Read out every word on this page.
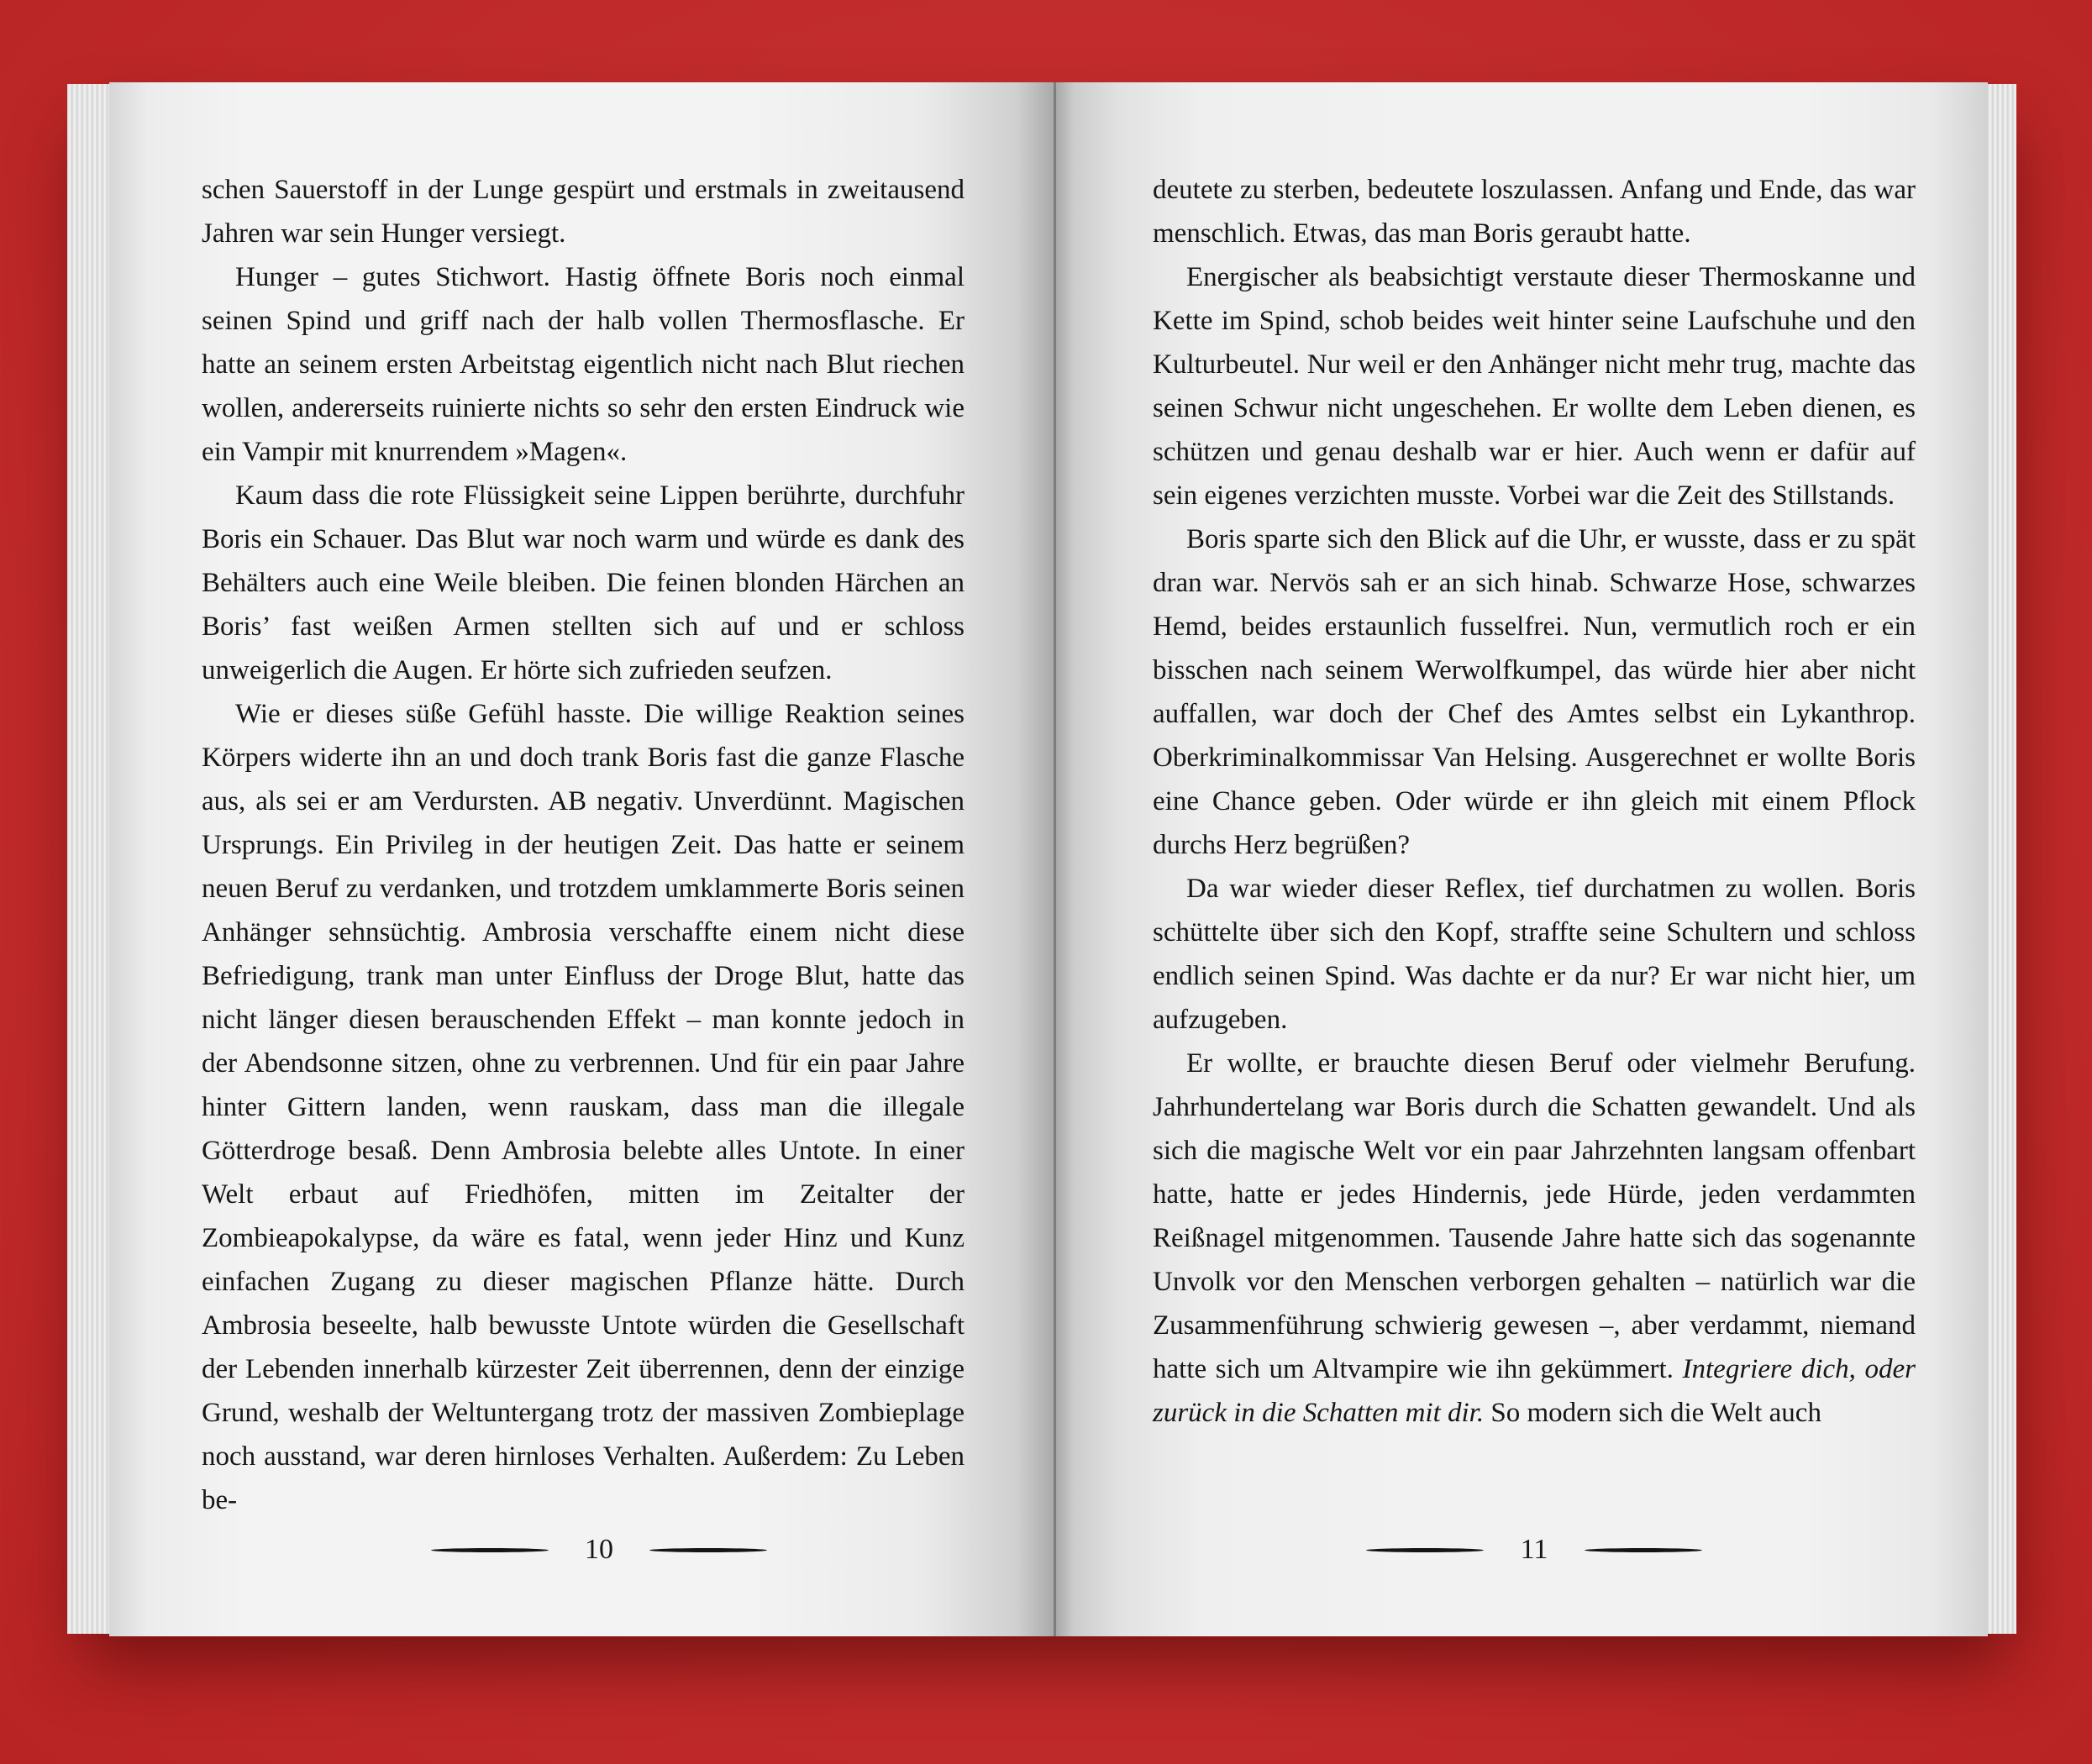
schen Sauerstoff in der Lunge gespürt und erstmals in zweitausend Jahren war sein Hunger versiegt.

Hunger – gutes Stichwort. Hastig öffnete Boris noch einmal seinen Spind und griff nach der halb vollen Thermosflasche. Er hatte an seinem ersten Arbeitstag eigentlich nicht nach Blut riechen wollen, andererseits ruinierte nichts so sehr den ersten Eindruck wie ein Vampir mit knurrendem »Magen«.

Kaum dass die rote Flüssigkeit seine Lippen berührte, durchfuhr Boris ein Schauer. Das Blut war noch warm und würde es dank des Behälters auch eine Weile bleiben. Die feinen blonden Härchen an Boris’ fast weißen Armen stellten sich auf und er schloss unweigerlich die Augen. Er hörte sich zufrieden seufzen.

Wie er dieses süße Gefühl hasste. Die willige Reaktion seines Körpers widerte ihn an und doch trank Boris fast die ganze Flasche aus, als sei er am Verdursten. AB negativ. Unverdünnt. Magischen Ursprungs. Ein Privileg in der heutigen Zeit. Das hatte er seinem neuen Beruf zu verdanken, und trotzdem umklammerte Boris seinen Anhänger sehnsüchtig. Ambrosia verschaffte einem nicht diese Befriedigung, trank man unter Einfluss der Droge Blut, hatte das nicht länger diesen berauschenden Effekt – man konnte jedoch in der Abendsonne sitzen, ohne zu verbrennen. Und für ein paar Jahre hinter Gittern landen, wenn rauskam, dass man die illegale Götterdroge besaß. Denn Ambrosia belebte alles Untote. In einer Welt erbaut auf Friedhöfen, mitten im Zeitalter der Zombieapokalypse, da wäre es fatal, wenn jeder Hinz und Kunz einfachen Zugang zu dieser magischen Pflanze hätte. Durch Ambrosia beseelte, halb bewusste Untote würden die Gesellschaft der Lebenden innerhalb kürzester Zeit überrennen, denn der einzige Grund, weshalb der Weltuntergang trotz der massiven Zombieplage noch ausstand, war deren hirnloses Verhalten. Außerdem: Zu Leben be-

10

deutete zu sterben, bedeutete loszulassen. Anfang und Ende, das war menschlich. Etwas, das man Boris geraubt hatte.

Energischer als beabsichtigt verstaute dieser Thermoskanne und Kette im Spind, schob beides weit hinter seine Laufschuhe und den Kulturbeutel. Nur weil er den Anhänger nicht mehr trug, machte das seinen Schwur nicht ungeschehen. Er wollte dem Leben dienen, es schützen und genau deshalb war er hier. Auch wenn er dafür auf sein eigenes verzichten musste. Vorbei war die Zeit des Stillstands.

Boris sparte sich den Blick auf die Uhr, er wusste, dass er zu spät dran war. Nervös sah er an sich hinab. Schwarze Hose, schwarzes Hemd, beides erstaunlich fusselfrei. Nun, vermutlich roch er ein bisschen nach seinem Werwolfkumpel, das würde hier aber nicht auffallen, war doch der Chef des Amtes selbst ein Lykanthrop. Oberkriminalkommissar Van Helsing. Ausgerechnet er wollte Boris eine Chance geben. Oder würde er ihn gleich mit einem Pflock durchs Herz begrüßen?

Da war wieder dieser Reflex, tief durchatmen zu wollen. Boris schüttelte über sich den Kopf, straffte seine Schultern und schloss endlich seinen Spind. Was dachte er da nur? Er war nicht hier, um aufzugeben.

Er wollte, er brauchte diesen Beruf oder vielmehr Berufung. Jahrhundertelang war Boris durch die Schatten gewandelt. Und als sich die magische Welt vor ein paar Jahrzehnten langsam offenbart hatte, hatte er jedes Hindernis, jede Hürde, jeden verdammten Reißnagel mitgenommen. Tausende Jahre hatte sich das sogenannte Unvolk vor den Menschen verborgen gehalten – natürlich war die Zusammenführung schwierig gewesen –, aber verdammt, niemand hatte sich um Altvampire wie ihn gekümmert. Integriere dich, oder zurück in die Schatten mit dir. So modern sich die Welt auch

11
